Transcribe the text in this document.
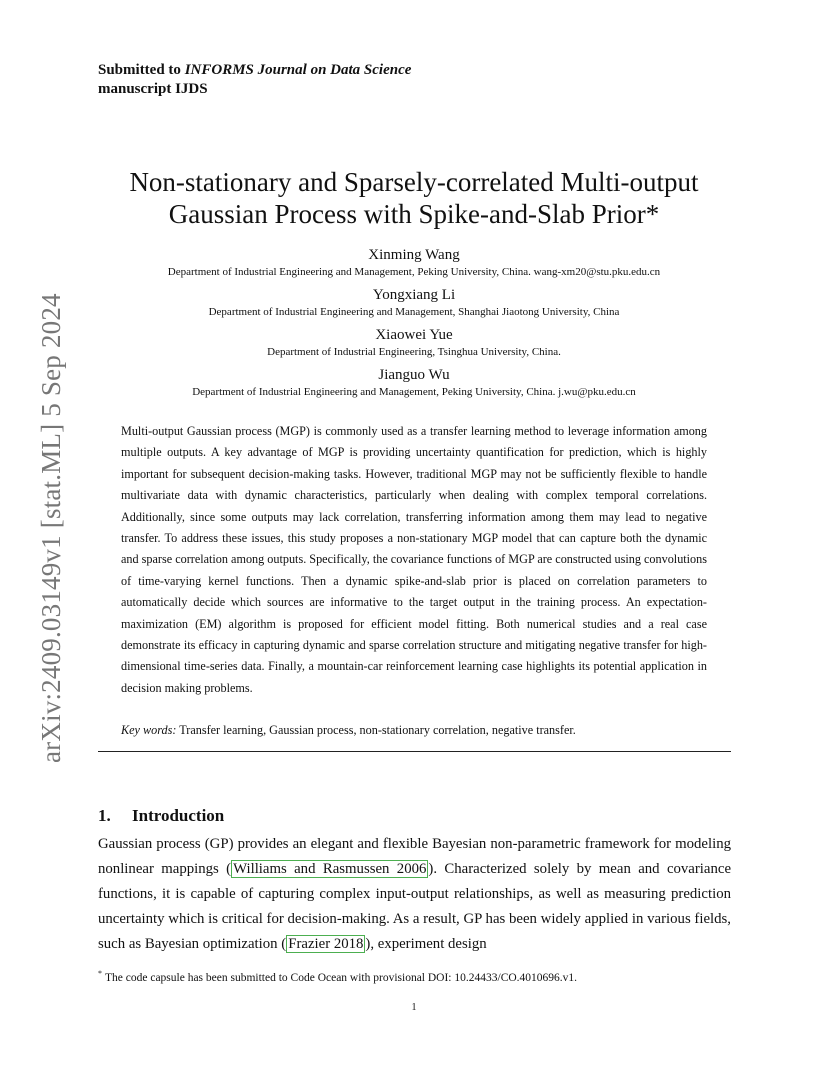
Submitted to INFORMS Journal on Data Science
manuscript IJDS
arXiv:2409.03149v1 [stat.ML] 5 Sep 2024
Non-stationary and Sparsely-correlated Multi-output
Gaussian Process with Spike-and-Slab Prior*
Xinming Wang
Department of Industrial Engineering and Management, Peking University, China. wang-xm20@stu.pku.edu.cn
Yongxiang Li
Department of Industrial Engineering and Management, Shanghai Jiaotong University, China
Xiaowei Yue
Department of Industrial Engineering, Tsinghua University, China.
Jianguo Wu
Department of Industrial Engineering and Management, Peking University, China. j.wu@pku.edu.cn
Multi-output Gaussian process (MGP) is commonly used as a transfer learning method to leverage information among multiple outputs. A key advantage of MGP is providing uncertainty quantification for prediction, which is highly important for subsequent decision-making tasks. However, traditional MGP may not be sufficiently flexible to handle multivariate data with dynamic characteristics, particularly when dealing with complex temporal correlations. Additionally, since some outputs may lack correlation, transferring information among them may lead to negative transfer. To address these issues, this study proposes a non-stationary MGP model that can capture both the dynamic and sparse correlation among outputs. Specifically, the covariance functions of MGP are constructed using convolutions of time-varying kernel functions. Then a dynamic spike-and-slab prior is placed on correlation parameters to automatically decide which sources are informative to the target output in the training process. An expectation-maximization (EM) algorithm is proposed for efficient model fitting. Both numerical studies and a real case demonstrate its efficacy in capturing dynamic and sparse correlation structure and mitigating negative transfer for high-dimensional time-series data. Finally, a mountain-car reinforcement learning case highlights its potential application in decision making problems.
Key words: Transfer learning, Gaussian process, non-stationary correlation, negative transfer.
1. Introduction
Gaussian process (GP) provides an elegant and flexible Bayesian non-parametric framework for modeling nonlinear mappings ( Williams and Rasmussen 2006 ). Characterized solely by mean and covariance functions, it is capable of capturing complex input-output relationships, as well as measuring prediction uncertainty which is critical for decision-making. As a result, GP has been widely applied in various fields, such as Bayesian optimization ( Frazier 2018 ), experiment design
* The code capsule has been submitted to Code Ocean with provisional DOI: 10.24433/CO.4010696.v1.
1
